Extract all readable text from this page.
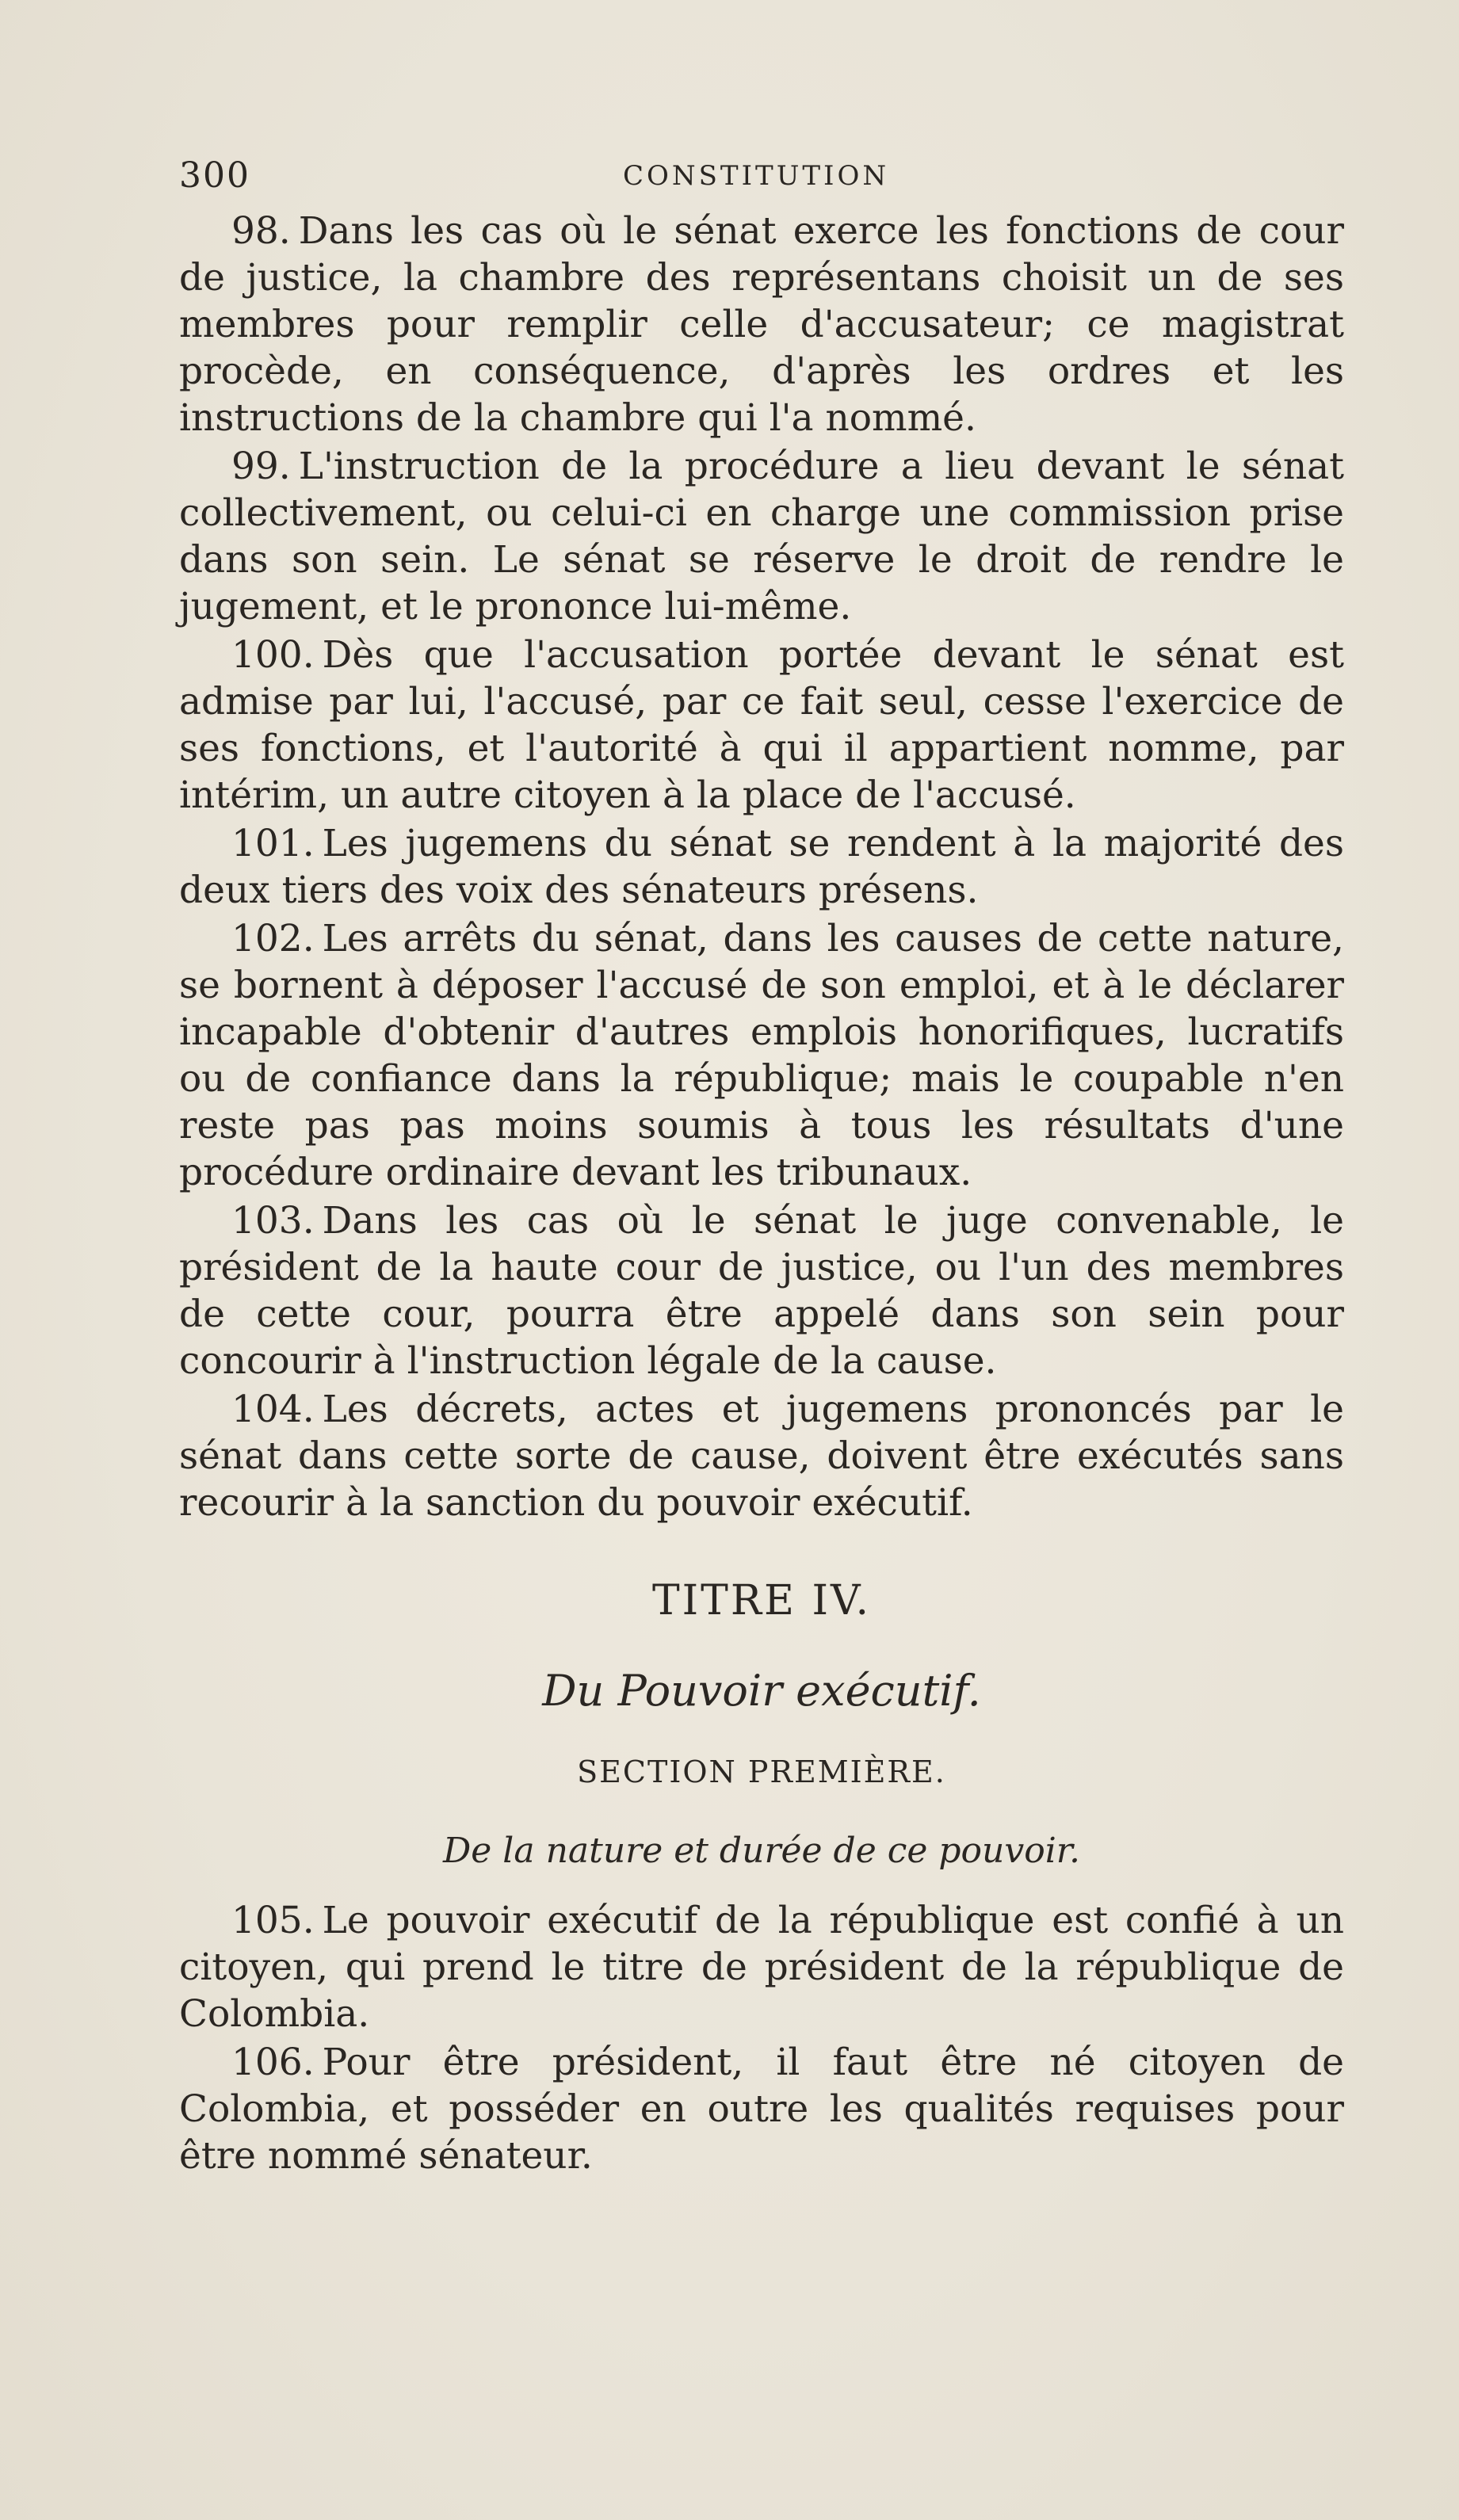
300	CONSTITUTION

98. Dans les cas où le sénat exerce les fonctions de cour de justice, la chambre des représentans choisit un de ses membres pour remplir celle d'accusateur; ce magistrat procède, en conséquence, d'après les ordres et les instructions de la chambre qui l'a nommé.

99. L'instruction de la procédure a lieu devant le sénat collectivement, ou celui-ci en charge une commission prise dans son sein. Le sénat se réserve le droit de rendre le jugement, et le prononce lui-même.

100. Dès que l'accusation portée devant le sénat est admise par lui, l'accusé, par ce fait seul, cesse l'exercice de ses fonctions, et l'autorité à qui il appartient nomme, par intérim, un autre citoyen à la place de l'accusé.

101. Les jugemens du sénat se rendent à la majorité des deux tiers des voix des sénateurs présens.

102. Les arrêts du sénat, dans les causes de cette nature, se bornent à déposer l'accusé de son emploi, et à le déclarer incapable d'obtenir d'autres emplois honorifiques, lucratifs ou de confiance dans la république; mais le coupable n'en reste pas pas moins soumis à tous les résultats d'une procédure ordinaire devant les tribunaux.

103. Dans les cas où le sénat le juge convenable, le président de la haute cour de justice, ou l'un des membres de cette cour, pourra être appelé dans son sein pour concourir à l'instruction légale de la cause.

104. Les décrets, actes et jugemens prononcés par le sénat dans cette sorte de cause, doivent être exécutés sans recourir à la sanction du pouvoir exécutif.

TITRE IV.
Du Pouvoir exécutif.
SECTION PREMIÈRE.
De la nature et durée de ce pouvoir.

105. Le pouvoir exécutif de la république est confié à un citoyen, qui prend le titre de président de la république de Colombia.

106. Pour être président, il faut être né citoyen de Colombia, et posséder en outre les qualités requises pour être nommé sénateur.
